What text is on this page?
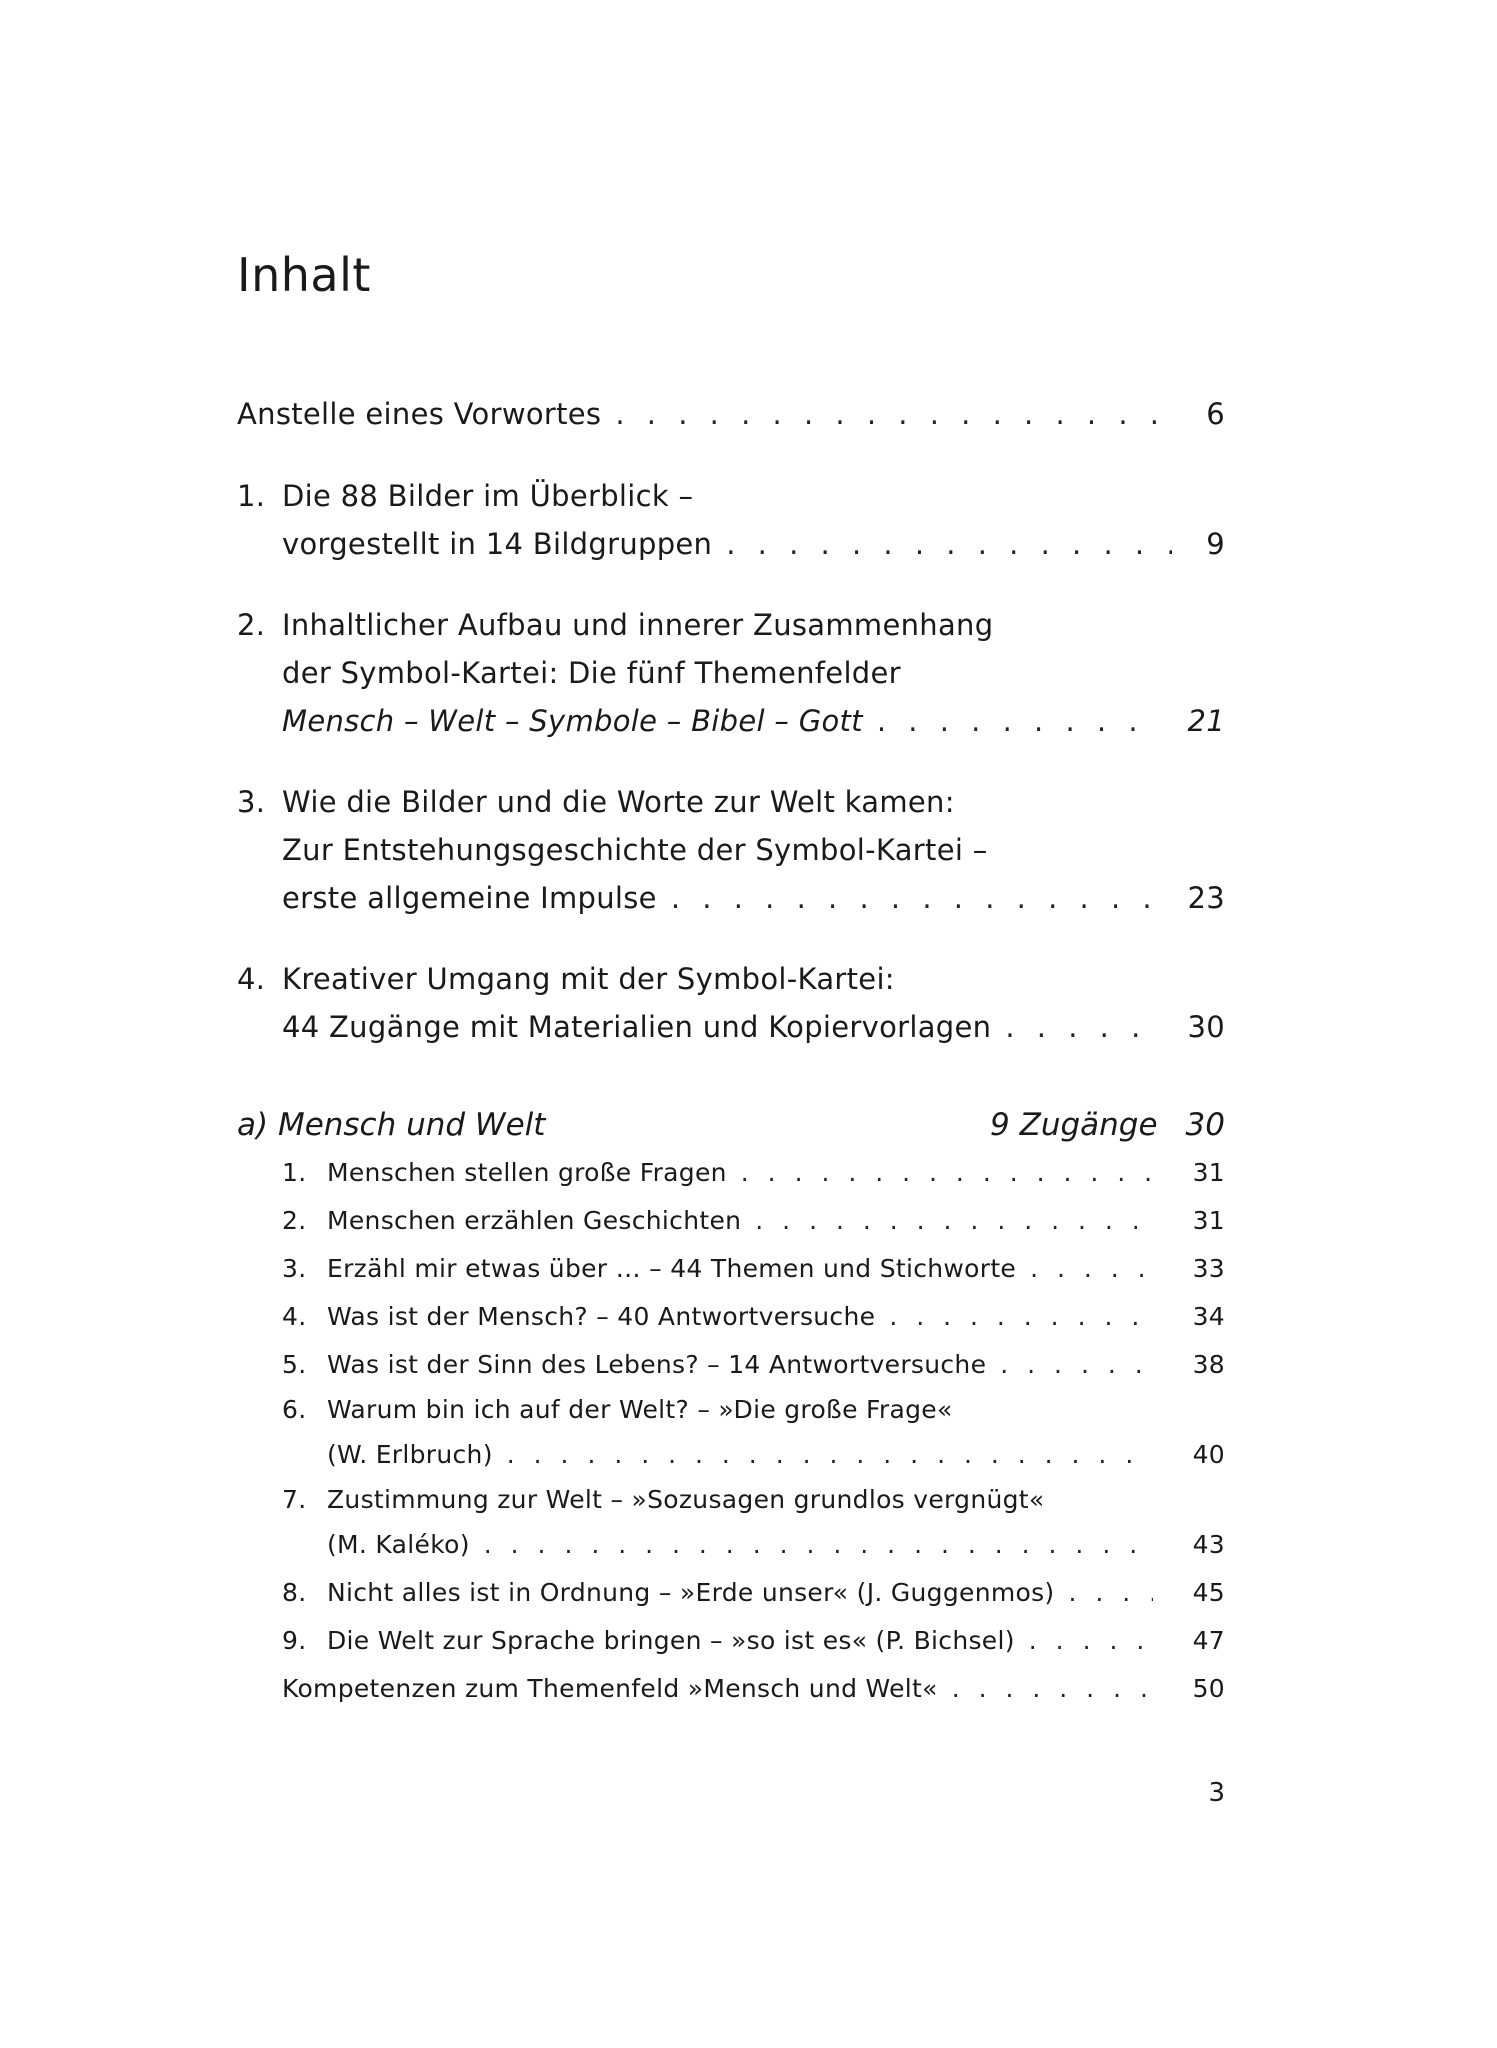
Inhalt
Anstelle eines Vorwortes . . .	6
1. Die 88 Bilder im Überblick –
vorgestellt in 14 Bildgruppen . . .	9
2. Inhaltlicher Aufbau und innerer Zusammenhang
der Symbol-Kartei: Die fünf Themenfelder
Mensch – Welt – Symbole – Bibel – Gott . . .	21
3. Wie die Bilder und die Worte zur Welt kamen:
Zur Entstehungsgeschichte der Symbol-Kartei –
erste allgemeine Impulse . . .	23
4. Kreativer Umgang mit der Symbol-Kartei:
44 Zugänge mit Materialien und Kopiervorlagen . . .	30
a) Mensch und Welt	9 Zugänge 30
1. Menschen stellen große Fragen . . .	31
2. Menschen erzählen Geschichten . . .	31
3. Erzähl mir etwas über … – 44 Themen und Stichworte . . .	33
4. Was ist der Mensch? – 40 Antwortversuche . . .	34
5. Was ist der Sinn des Lebens? – 14 Antwortversuche . . .	38
6. Warum bin ich auf der Welt? – »Die große Frage«
(W. Erlbruch) . . .	40
7. Zustimmung zur Welt – »Sozusagen grundlos vergnügt«
(M. Kaléko) . . .	43
8. Nicht alles ist in Ordnung – »Erde unser« (J. Guggenmos) . . .	45
9. Die Welt zur Sprache bringen – »so ist es« (P. Bichsel) . . .	47
Kompetenzen zum Themenfeld »Mensch und Welt« . . .	50
3
